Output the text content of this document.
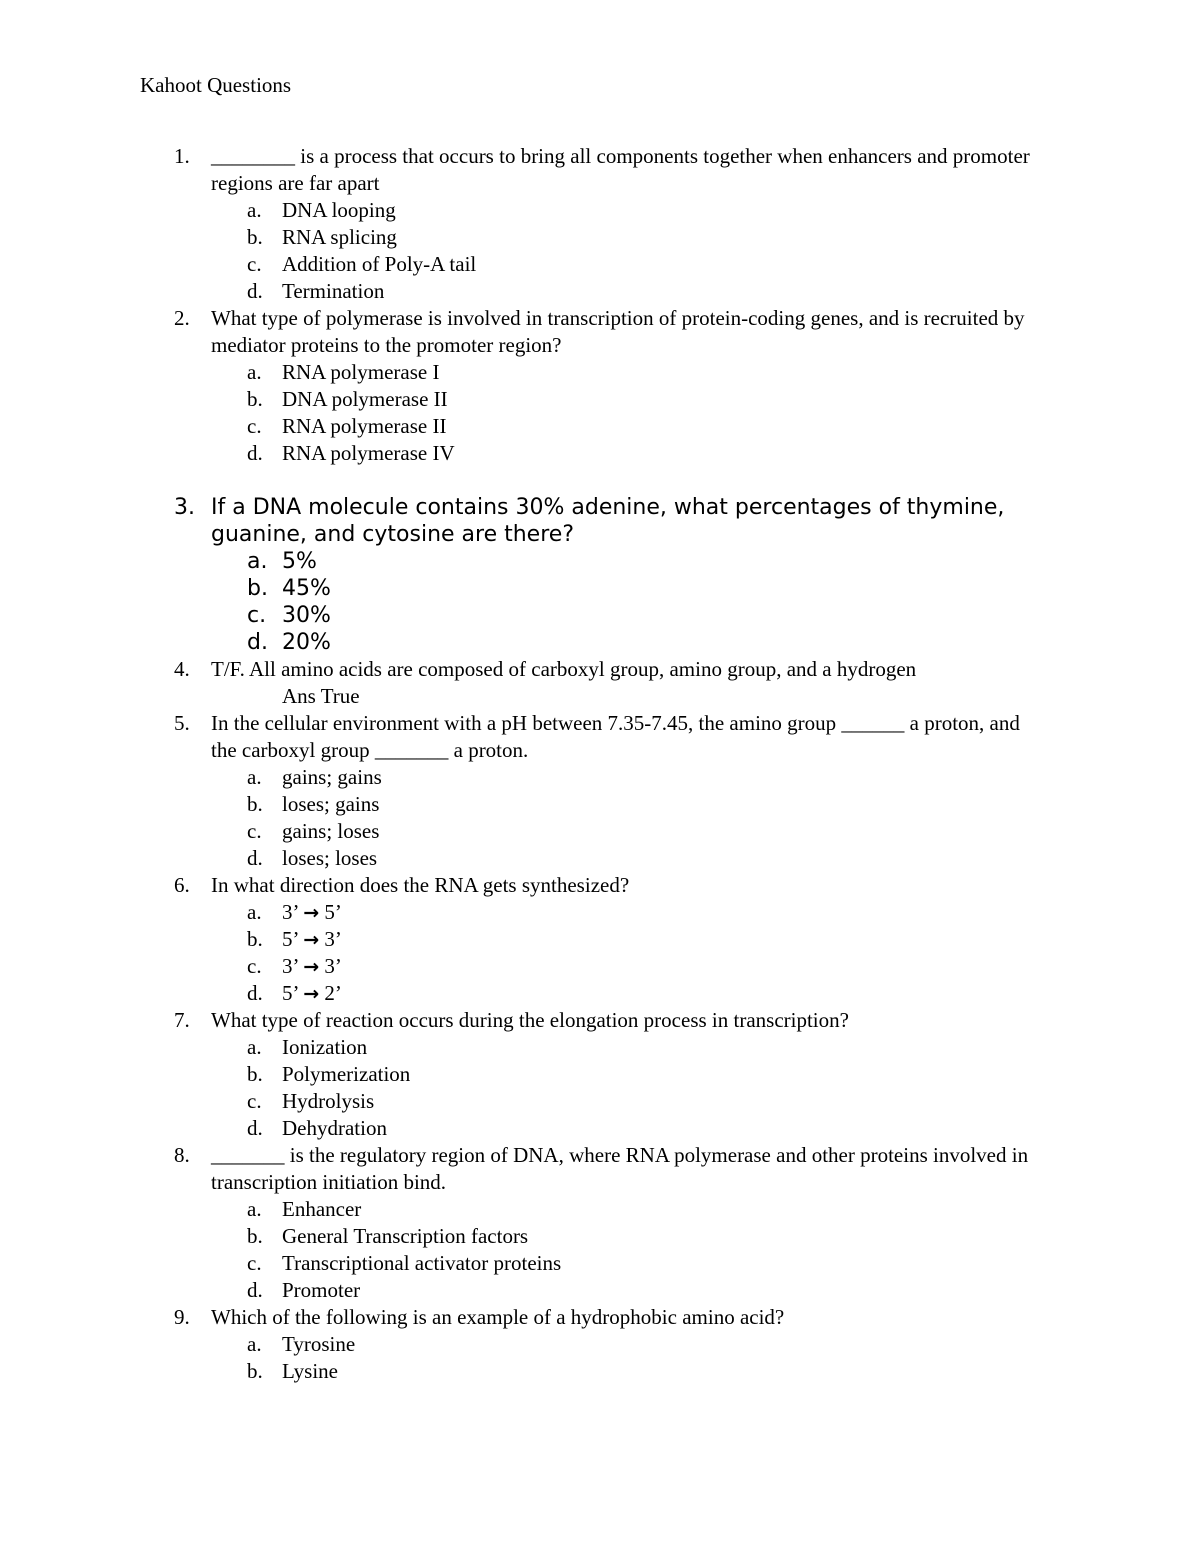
Kahoot Questions
1.	________ is a process that occurs to bring all components together when enhancers and promoter regions are far apart
a. DNA looping
b. RNA splicing
c. Addition of Poly-A tail
d. Termination
2.	What type of polymerase is involved in transcription of protein-coding genes, and is recruited by mediator proteins to the promoter region?
a. RNA polymerase I
b. DNA polymerase II
c. RNA polymerase II
d. RNA polymerase IV
3. If a DNA molecule contains 30% adenine, what percentages of thymine, guanine, and cytosine are there?
a. 5%
b. 45%
c. 30%
d. 20%
4.	T/F. All amino acids are composed of carboxyl group, amino group, and a hydrogen
Ans True
5.	In the cellular environment with a pH between 7.35-7.45, the amino group ______ a proton, and the carboxyl group _______ a proton.
a. gains; gains
b. loses; gains
c. gains; loses
d. loses; loses
6.	In what direction does the RNA gets synthesized?
a. 3’ → 5’
b. 5’ → 3’
c. 3’ → 3’
d. 5’ → 2’
7.	What type of reaction occurs during the elongation process in transcription?
a. Ionization
b. Polymerization
c. Hydrolysis
d. Dehydration
8.	_______ is the regulatory region of DNA, where RNA polymerase and other proteins involved in transcription initiation bind.
a. Enhancer
b. General Transcription factors
c. Transcriptional activator proteins
d. Promoter
9.	Which of the following is an example of a hydrophobic amino acid?
a. Tyrosine
b. Lysine
